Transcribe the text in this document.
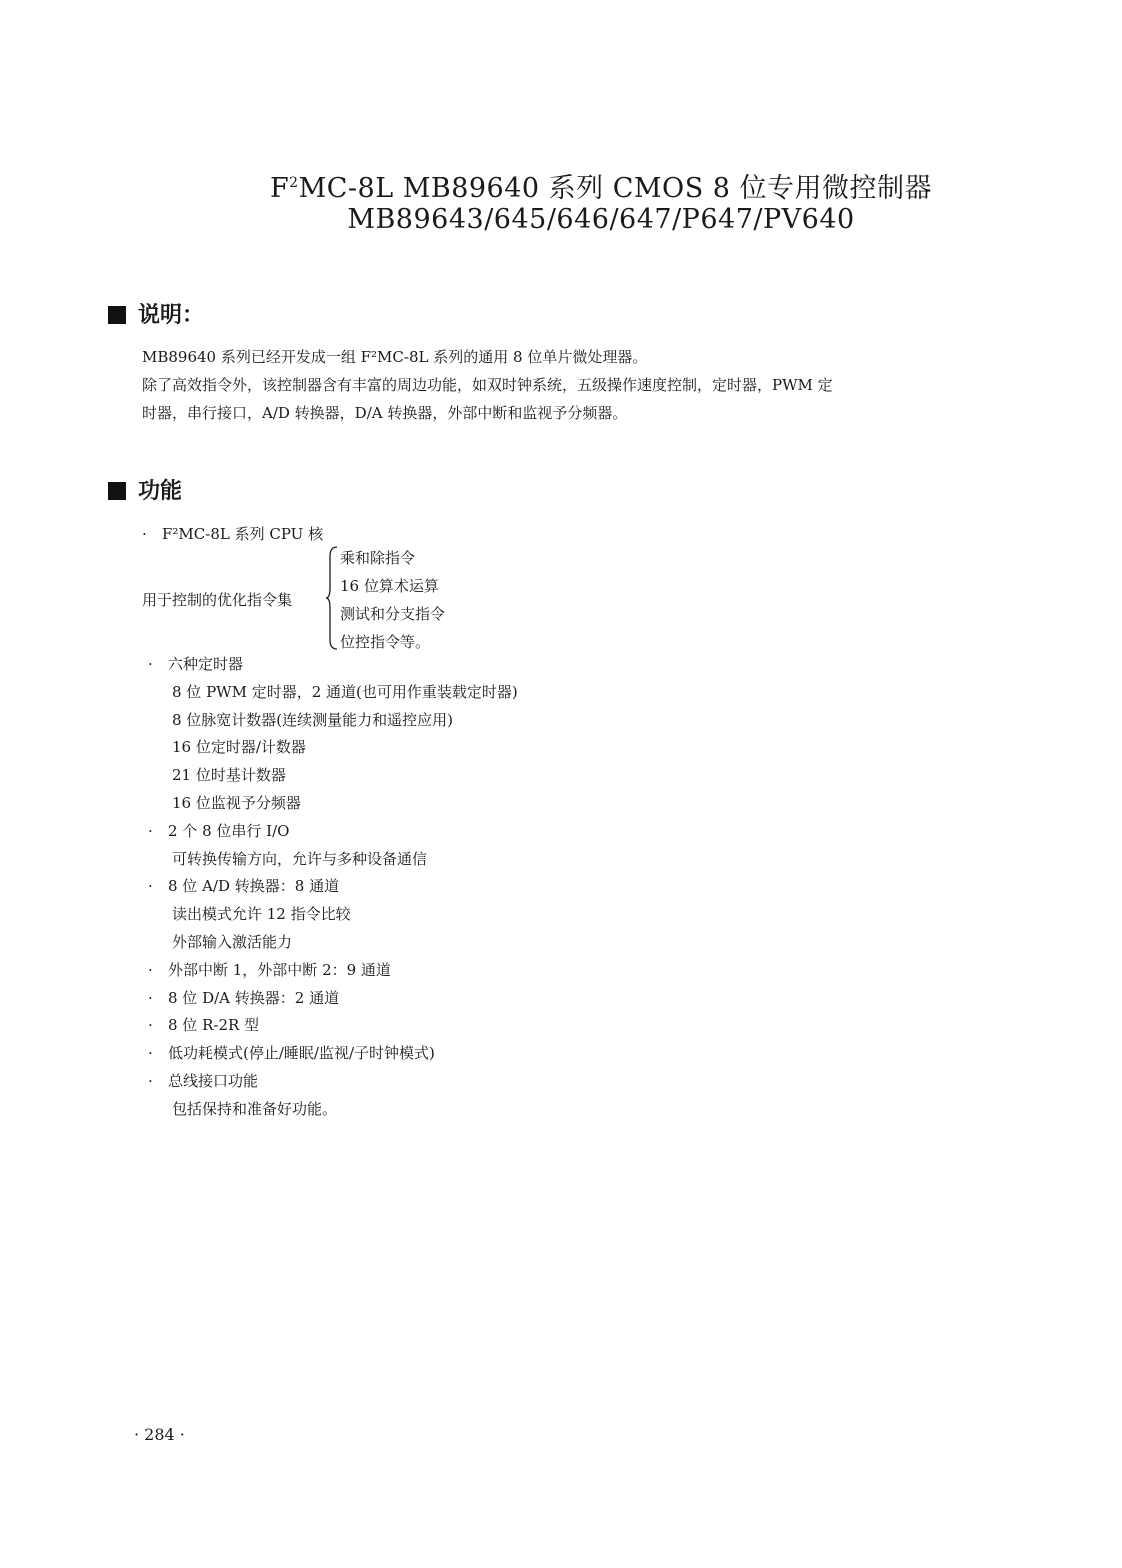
$F^2MC-8L$ MB89640 系列 CMOS 8 位专用微控制器
MB89643/645/646/647/P647/PV640
说明：
MB89640 系列已经开发成一组 F²MC-8L 系列的通用 8 位单片微处理器。
除了高效指令外，该控制器含有丰富的周边功能，如双时钟系统，五级操作速度控制，定时器，PWM 定
时器，串行接口，A/D 转换器，D/A 转换器，外部中断和监视予分频器。
功能
· F²MC-8L 系列 CPU 核
用于控制的优化指令集
乘和除指令
16 位算术运算
测试和分支指令
位控指令等。
· 六种定时器
8 位 PWM 定时器，2 通道(也可用作重装载定时器)
8 位脉宽计数器(连续测量能力和遥控应用)
16 位定时器/计数器
21 位时基计数器
16 位监视予分频器
· 2 个 8 位串行 I/O
可转换传输方向，允许与多种设备通信
· 8 位 A/D 转换器：8 通道
读出模式允许 12 指令比较
外部输入激活能力
· 外部中断 1，外部中断 2：9 通道
· 8 位 D/A 转换器：2 通道
· 8 位 R-2R 型
· 低功耗模式(停止/睡眠/监视/子时钟模式)
· 总线接口功能
包括保持和准备好功能。
· 284 ·
